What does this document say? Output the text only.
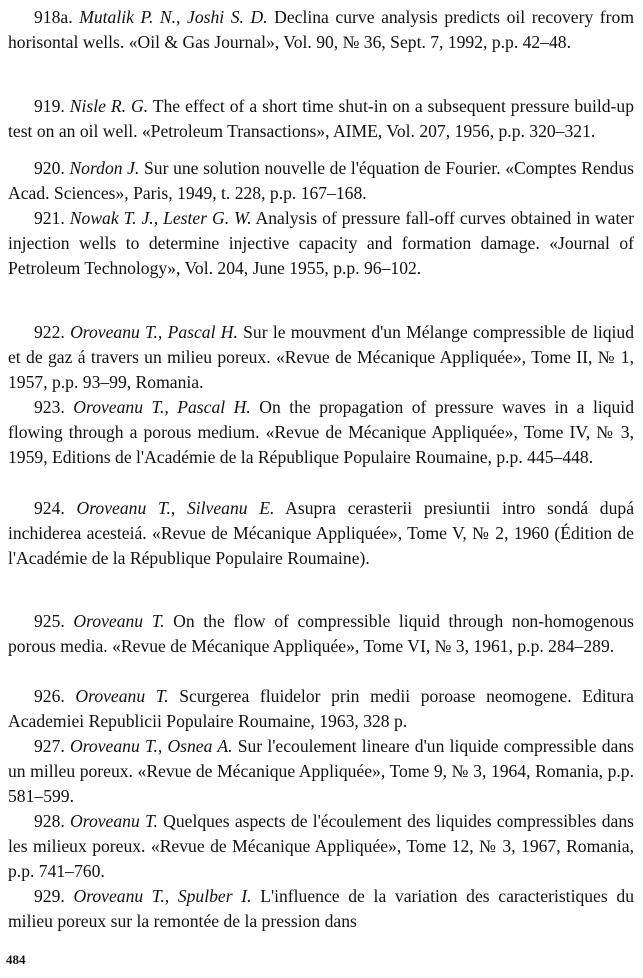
918a. Mutalik P. N., Joshi S. D. Declina curve analysis predicts oil recovery from horisontal wells. «Oil & Gas Journal», Vol. 90, № 36, Sept. 7, 1992, p.p. 42–48.

919. Nisle R. G. The effect of a short time shut-in on a subsequent pressure build-up test on an oil well. «Petroleum Transactions», AIME, Vol. 207, 1956, p.p. 320–321.

920. Nordon J. Sur une solution nouvelle de l'équation de Fourier. «Comptes Rendus Acad. Sciences», Paris, 1949, t. 228, p.p. 167–168.

921. Nowak T. J., Lester G. W. Analysis of pressure fall-off curves obtained in water injection wells to determine injective capacity and formation damage. «Journal of Petroleum Technology», Vol. 204, June 1955, p.p. 96–102.

922. Oroveanu T., Pascal H. Sur le mouvment d'un Mélange compressible de liqiud et de gaz á travers un milieu poreux. «Revue de Mécanique Appliquée», Tome II, № 1, 1957, p.p. 93–99, Romania.

923. Oroveanu T., Pascal H. On the propagation of pressure waves in a liquid flowing through a porous medium. «Revue de Mécanique Appliquée», Tome IV, № 3, 1959, Editions de l'Académie de la République Populaire Roumaine, p.p. 445–448.

924. Oroveanu T., Silveanu E. Asupra cerasterii presiuntii intro sondá dupá inchiderea acesteiá. «Revue de Mécanique Appliquée», Tome V, № 2, 1960 (Édition de l'Académie de la République Populaire Roumaine).

925. Oroveanu T. On the flow of compressible liquid through non-homogenous porous media. «Revue de Mécanique Appliquée», Tome VI, № 3, 1961, p.p. 284–289.

926. Oroveanu T. Scurgerea fluidelor prin medii poroase neomogene. Editura Academiei Republicii Populaire Roumaine, 1963, 328 p.

927. Oroveanu T., Osnea A. Sur l'ecoulement lineare d'un liquide compressible dans un milleu poreux. «Revue de Mécanique Appliquée», Tome 9, № 3, 1964, Romania, p.p. 581–599.

928. Oroveanu T. Quelques aspects de l'écoulement des liquides compressibles dans les milieux poreux. «Revue de Mécanique Appliquée», Tome 12, № 3, 1967, Romania, p.p. 741–760.

929. Oroveanu T., Spulber I. L'influence de la variation des caracteristiques du milieu poreux sur la remontée de la pression dans

484
